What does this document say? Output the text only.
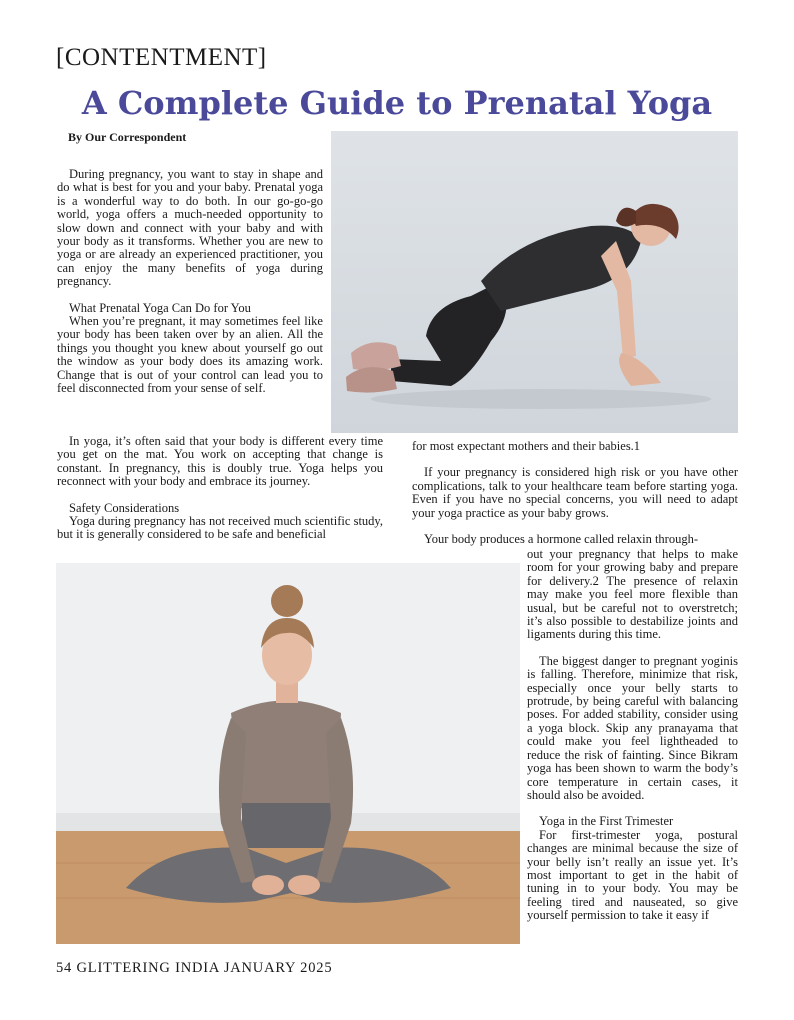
[CONTENTMENT]
A Complete Guide to Prenatal Yoga
By Our Correspondent

During pregnancy, you want to stay in shape and do what is best for you and your baby. Prenatal yoga is a wonderful way to do both. In our go-go-go world, yoga offers a much-needed opportunity to slow down and connect with your baby and with your body as it transforms. Whether you are new to yoga or are already an experienced practitioner, you can enjoy the many benefits of yoga during pregnancy.

What Prenatal Yoga Can Do for You

When you’re pregnant, it may sometimes feel like your body has been taken over by an alien. All the things you thought you knew about yourself go out the window as your body does its amazing work. Change that is out of your control can lead you to feel disconnected from your sense of self.

In yoga, it’s often said that your body is different every time you get on the mat. You work on accepting that change is constant. In pregnancy, this is doubly true. Yoga helps you reconnect with your body and embrace its journey.

Safety Considerations

Yoga during pregnancy has not received much scientific study, but it is generally considered to be safe and beneficial

for most expectant mothers and their babies.1

If your pregnancy is considered high risk or you have other complications, talk to your healthcare team before starting yoga. Even if you have no special concerns, you will need to adapt your yoga practice as your baby grows.

Your body produces a hormone called relaxin through-

out your pregnancy that helps to make room for your growing baby and prepare for delivery.2 The presence of relaxin may make you feel more flexible than usual, but be careful not to overstretch; it’s also possible to destabilize joints and ligaments during this time.

The biggest danger to pregnant yoginis is falling. Therefore, minimize that risk, especially once your belly starts to protrude, by being careful with balancing poses. For added stability, consider using a yoga block. Skip any pranayama that could make you feel lightheaded to reduce the risk of fainting. Since Bikram yoga has been shown to warm the body’s core temperature in certain cases, it should also be avoided.

Yoga in the First Trimester

For first-trimester yoga, postural changes are minimal because the size of your belly isn’t really an issue yet. It’s most important to get in the habit of tuning in to your body. You may be feeling tired and nauseated, so give yourself permission to take it easy if

54 GLITTERING INDIA JANUARY 2025
